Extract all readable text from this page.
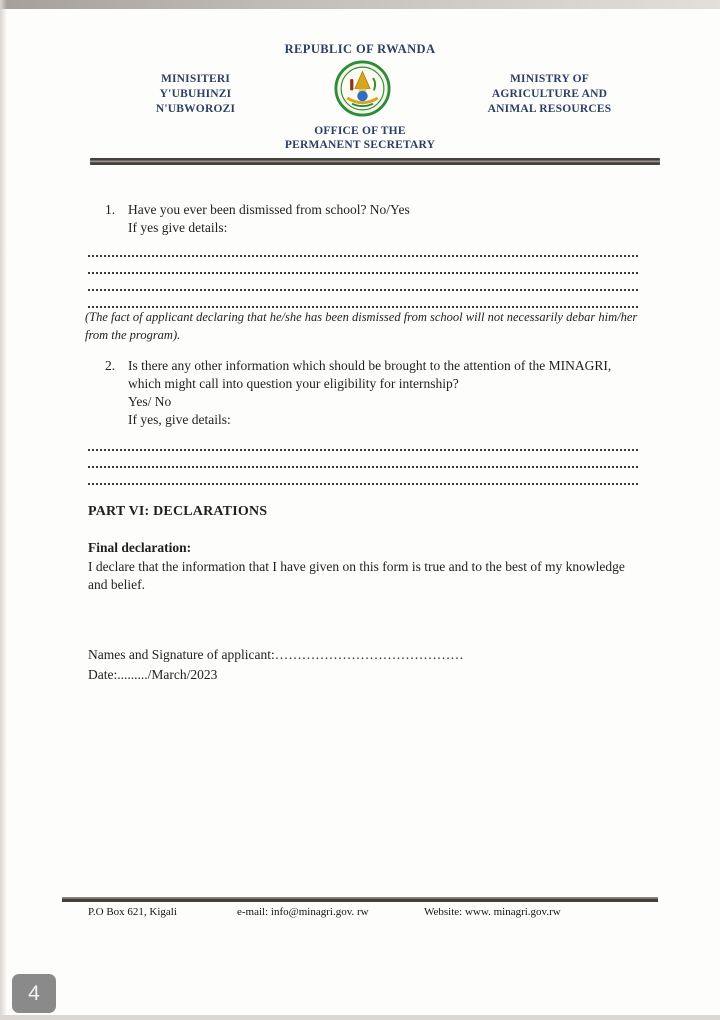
REPUBLIC OF RWANDA
MINISITERI
Y'UBUHINZI
N'UBWOROZI
MINISTRY OF
AGRICULTURE AND
ANIMAL RESOURCES
OFFICE OF THE
PERMANENT SECRETARY
1. Have you ever been dismissed from school? No/Yes
If yes give details:
(The fact of applicant declaring that he/she has been dismissed from school will not necessarily debar him/her from the program).
2. Is there any other information which should be brought to the attention of the MINAGRI, which might call into question your eligibility for internship?
Yes/ No
If yes, give details:
PART VI: DECLARATIONS
Final declaration:
I declare that the information that I have given on this form is true and to the best of my knowledge and belief.
Names and Signature of applicant:……………………………………
Date:........./March/2023
P.O Box 621, Kigali	e-mail: info@minagri.gov. rw	Website: www. minagri.gov.rw
4
